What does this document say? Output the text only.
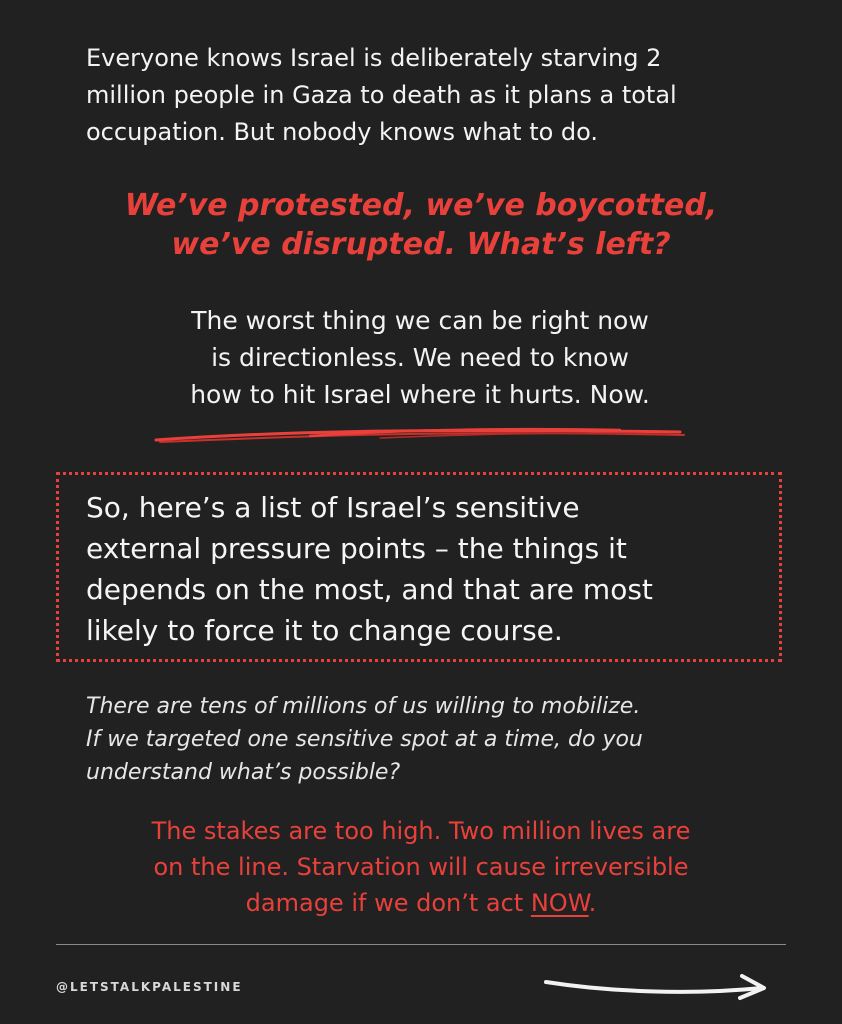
Everyone knows Israel is deliberately starving 2
million people in Gaza to death as it plans a total
occupation. But nobody knows what to do.

We’ve protested, we’ve boycotted,
we’ve disrupted. What’s left?

The worst thing we can be right now
is directionless. We need to know
how to hit Israel where it hurts. Now.

So, here’s a list of Israel’s sensitive
external pressure points – the things it
depends on the most, and that are most
likely to force it to change course.

There are tens of millions of us willing to mobilize.
If we targeted one sensitive spot at a time, do you
understand what’s possible?

The stakes are too high. Two million lives are
on the line. Starvation will cause irreversible
damage if we don’t act NOW.

@LETSTALKPALESTINE
